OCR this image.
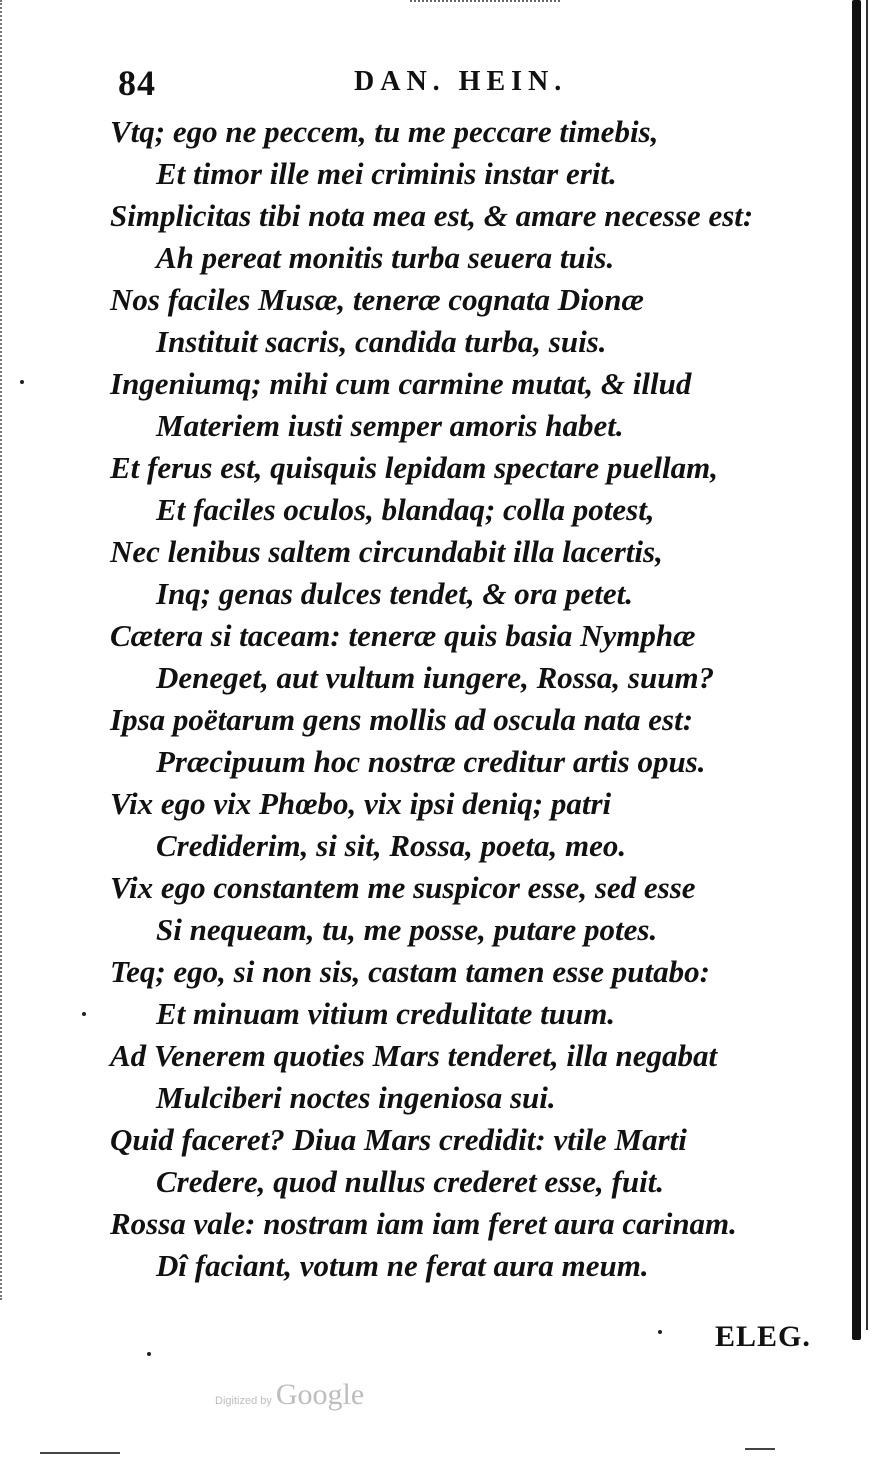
84	DAN. HEIN.
Vtq; ego ne peccem, tu me peccare timebis,
Et timor ille mei criminis instar erit.
Simplicitas tibi nota mea est, & amare necesse est:
Ah pereat monitis turba seuera tuis.
Nos faciles Musæ, teneræ cognata Dionæ
Instituit sacris, candida turba, suis.
Ingeniumq; mihi cum carmine mutat, & illud
Materiem iusti semper amoris habet.
Et ferus est, quisquis lepidam spectare puellam,
Et faciles oculos, blandaq; colla potest,
Nec lenibus saltem circundabit illa lacertis,
Inq; genas dulces tendet, & ora petet.
Cætera si taceam: teneræ quis basia Nymphæ
Deneget, aut vultum iungere, Rossa, suum?
Ipsa poëtarum gens mollis ad oscula nata est:
Præcipuum hoc nostræ creditur artis opus.
Vix ego vix Phœbo, vix ipsi deniq; patri
Crediderim, si sit, Rossa, poeta, meo.
Vix ego constantem me suspicor esse, sed esse
Si nequeam, tu, me posse, putare potes.
Teq; ego, si non sis, castam tamen esse putabo:
Et minuam vitium credulitate tuum.
Ad Venerem quoties Mars tenderet, illa negabat
Mulciberi noctes ingeniosa sui.
Quid faceret? Diua Mars credidit: vtile Marti
Credere, quod nullus crederet esse, fuit.
Rossa vale: nostram iam iam feret aura carinam.
Dî faciant, votum ne ferat aura meum.
ELEG.
Digitized by Google
